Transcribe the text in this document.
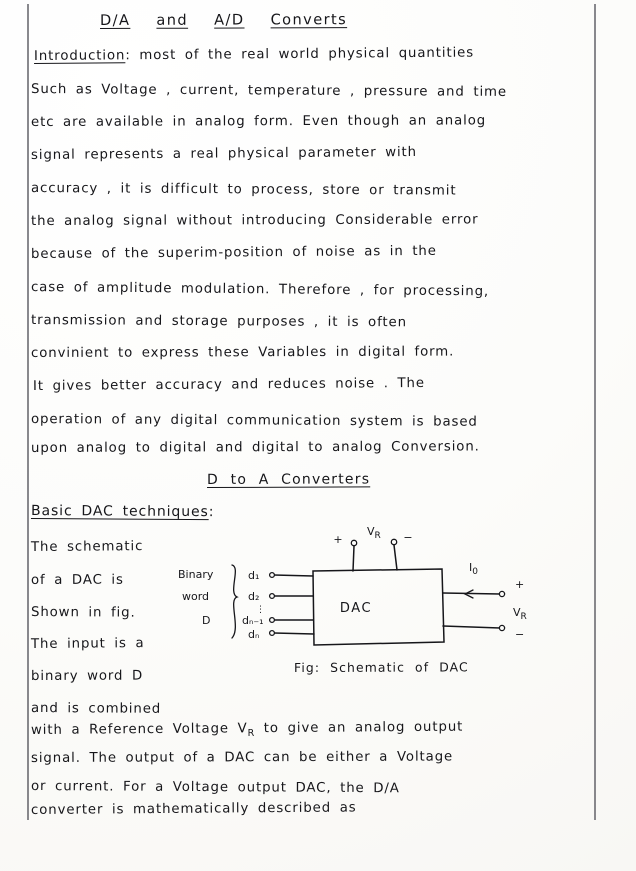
D/A and A/D Converts
Introduction: most of the real world physical quantities
Such as Voltage , current, temperature , pressure and time
etc are available in analog form. Even though an analog
signal represents a real physical parameter with
accuracy , it is difficult to process, store or transmit
the analog signal without introducing Considerable error
because of the superim-position of noise as in the
case of amplitude modulation. Therefore , for processing,
transmission and storage purposes , it is often
convinient to express these Variables in digital form.
It gives better accuracy and reduces noise . The
operation of any digital communication system is based
upon analog to digital and digital to analog Conversion.
D to A Converters
Basic DAC techniques:
The schematic
of a DAC is
Shown in fig.
The input is a
binary word D
and is combined
DAC
+	−
$V_R$
$I_0$
+
$V_R$
−
Binary
word
D
d₁
d₂
⋮
dₙ₋₁
dₙ
Fig: Schematic of DAC
with a Reference Voltage $V_R$ to give an analog output
signal. The output of a DAC can be either a Voltage
or current. For a Voltage output DAC, the D/A
converter is mathematically described as
